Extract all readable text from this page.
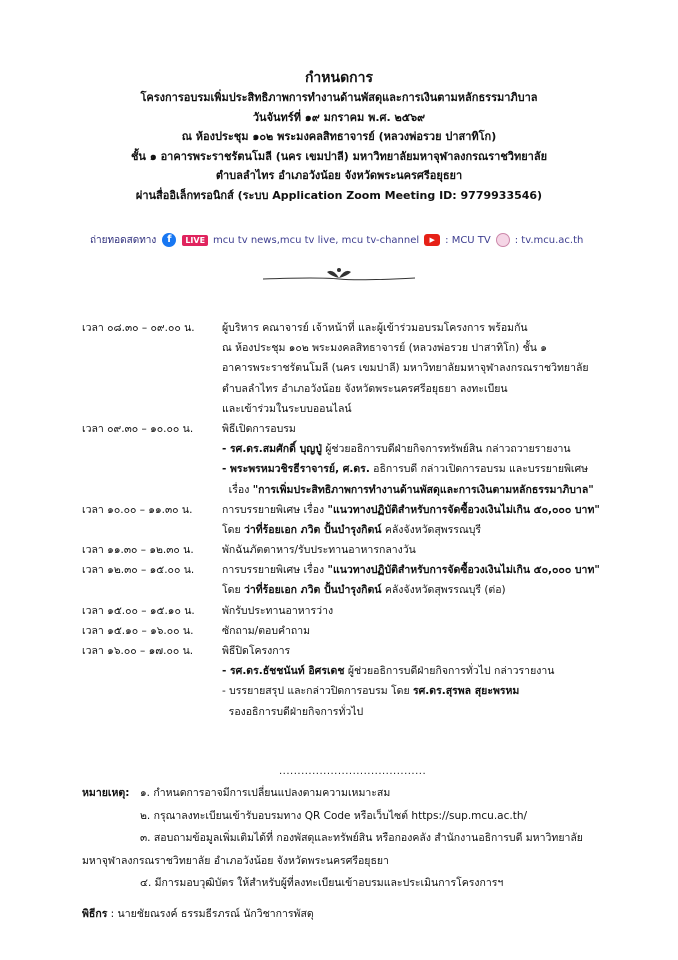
กำหนดการ
โครงการอบรมเพิ่มประสิทธิภาพการทำงานด้านพัสดุและการเงินตามหลักธรรมาภิบาล
วันจันทร์ที่ ๑๙ มกราคม พ.ศ. ๒๕๖๙
ณ ห้องประชุม ๑๐๒ พระมงคลสิทธาจารย์ (หลวงพ่อรวย ปาสาทิโก)
ชั้น ๑ อาคารพระราชรัตนโมลี (นคร เขมปาลี) มหาวิทยาลัยมหาจุฬาลงกรณราชวิทยาลัย
ตำบลลำไทร อำเภอวังน้อย จังหวัดพระนครศรีอยุธยา
ผ่านสื่ออิเล็กทรอนิกส์ (ระบบ Application Zoom Meeting ID: 9779933546)
ถ่ายทอดสดทาง	f	LIVE mcu tv news,mcu tv live, mcu tv-channel	▶	: MCU TV : tv.mcu.ac.th
เวลา ๐๘.๓๐ – ๐๙.๐๐ น.	ผู้บริหาร คณาจารย์ เจ้าหน้าที่ และผู้เข้าร่วมอบรมโครงการ พร้อมกัน
ณ ห้องประชุม ๑๐๒ พระมงคลสิทธาจารย์ (หลวงพ่อรวย ปาสาทิโก) ชั้น ๑
อาคารพระราชรัตนโมลี (นคร เขมปาลี) มหาวิทยาลัยมหาจุฬาลงกรณราชวิทยาลัย
ตำบลลำไทร อำเภอวังน้อย จังหวัดพระนครศรีอยุธยา ลงทะเบียน
และเข้าร่วมในระบบออนไลน์
เวลา ๐๙.๓๐ – ๑๐.๐๐ น.	พิธีเปิดการอบรม
- รศ.ดร.สมศักดิ์ บุญปู่ ผู้ช่วยอธิการบดีฝ่ายกิจการทรัพย์สิน กล่าวถวายรายงาน
- พระพรหมวชิรธีราจารย์, ศ.ดร. อธิการบดี กล่าวเปิดการอบรม และบรรยายพิเศษ
เรื่อง "การเพิ่มประสิทธิภาพการทำงานด้านพัสดุและการเงินตามหลักธรรมาภิบาล"
เวลา ๑๐.๐๐ – ๑๑.๓๐ น.	การบรรยายพิเศษ เรื่อง "แนวทางปฏิบัติสำหรับการจัดซื้อวงเงินไม่เกิน ๕๐,๐๐๐ บาท"
โดย ว่าที่ร้อยเอก ภวิต ปั้นบำรุงกิตน์ คลังจังหวัดสุพรรณบุรี
เวลา ๑๑.๓๐ – ๑๒.๓๐ น.	พักฉันภัตตาหาร/รับประทานอาหารกลางวัน
เวลา ๑๒.๓๐ – ๑๕.๐๐ น.	การบรรยายพิเศษ เรื่อง "แนวทางปฏิบัติสำหรับการจัดซื้อวงเงินไม่เกิน ๕๐,๐๐๐ บาท"
โดย ว่าที่ร้อยเอก ภวิต ปั้นบำรุงกิตน์ คลังจังหวัดสุพรรณบุรี (ต่อ)
เวลา ๑๕.๐๐ – ๑๕.๑๐ น.	พักรับประทานอาหารว่าง
เวลา ๑๕.๑๐ – ๑๖.๐๐ น.	ซักถาม/ตอบคำถาม
เวลา ๑๖.๐๐ – ๑๗.๐๐ น.	พิธีปิดโครงการ
- รศ.ดร.ธัชชนันท์ อิศรเดช ผู้ช่วยอธิการบดีฝ่ายกิจการทั่วไป กล่าวรายงาน
- บรรยายสรุป และกล่าวปิดการอบรม โดย รศ.ดร.สุรพล สุยะพรหม
รองอธิการบดีฝ่ายกิจการทั่วไป
........................................
หมายเหตุ:	๑. กำหนดการอาจมีการเปลี่ยนแปลงตามความเหมาะสม
๒. กรุณาลงทะเบียนเข้ารับอบรมทาง QR Code หรือเว็บไซต์ https://sup.mcu.ac.th/
๓. สอบถามข้อมูลเพิ่มเติมได้ที่ กองพัสดุและทรัพย์สิน หรือกองคลัง สำนักงานอธิการบดี มหาวิทยาลัย
มหาจุฬาลงกรณราชวิทยาลัย อำเภอวังน้อย จังหวัดพระนครศรีอยุธยา
๔. มีการมอบวุฒิบัตร ให้สำหรับผู้ที่ลงทะเบียนเข้าอบรมและประเมินการโครงการฯ
พิธีกร : นายชัยณรงค์ ธรรมธีรภรณ์ นักวิชาการพัสดุ
